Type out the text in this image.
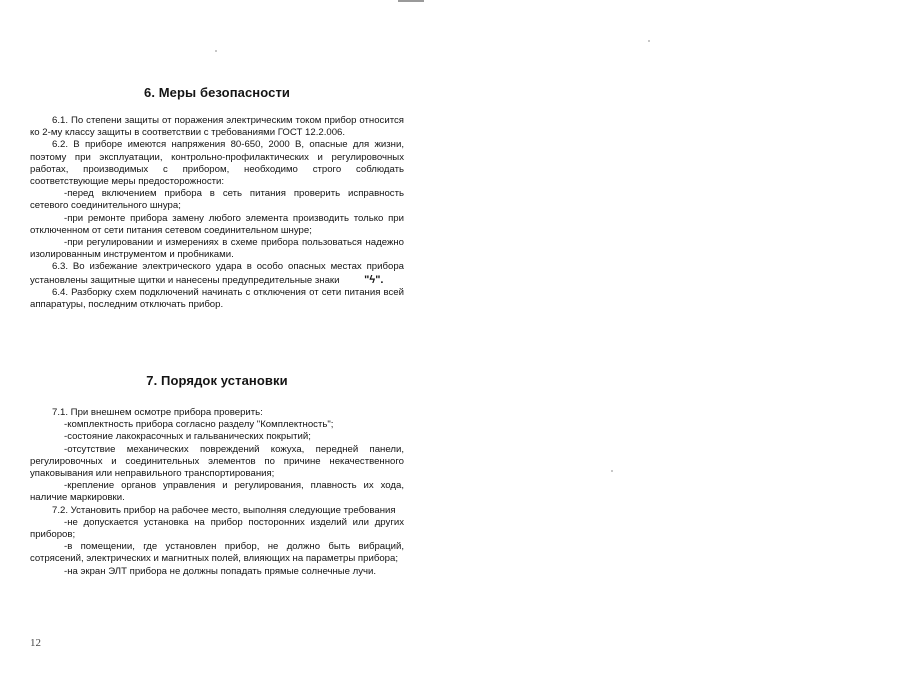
6. Меры безопасности

6.1. По степени защиты от поражения электрическим током прибор относится ко 2-му классу защиты в соответствии с требованиями ГОСТ 12.2.006.

6.2. В приборе имеются напряжения 80-650, 2000 В, опасные для жизни, поэтому при эксплуатации, контрольно-профилактических и регулировочных работах, производимых с прибором, необходимо строго соблюдать соответствующие меры предосторожности:

-перед включением прибора в сеть питания проверить исправность сетевого соединительного шнура;

-при ремонте прибора замену любого элемента производить только при отключенном от сети питания сетевом соединительном шнуре;

-при регулировании и измерениях в схеме прибора пользоваться надежно изолированным инструментом и пробниками.

6.3. Во избежание электрического удара в особо опасных местах прибора установлены защитные щитки и нанесены предупредительные знаки "ϟ".

6.4. Разборку схем подключений начинать с отключения от сети питания всей аппаратуры, последним отключать прибор.

7. Порядок установки

7.1. При внешнем осмотре прибора проверить:

-комплектность прибора согласно разделу "Комплектность";

-состояние лакокрасочных и гальванических покрытий;

-отсутствие механических повреждений кожуха, передней панели, регулировочных и соединительных элементов по причине некачественного упаковывания или неправильного транспортирования;

-крепление органов управления и регулирования, плавность их хода, наличие маркировки.

7.2. Установить прибор на рабочее место, выполняя следующие требования

-не допускается установка на прибор посторонних изделий или других приборов;

-в помещении, где установлен прибор, не должно быть вибраций, сотрясений, электрических и магнитных полей, влияющих на параметры прибора;

-на экран ЭЛТ прибора не должны попадать прямые солнечные лучи.

12
